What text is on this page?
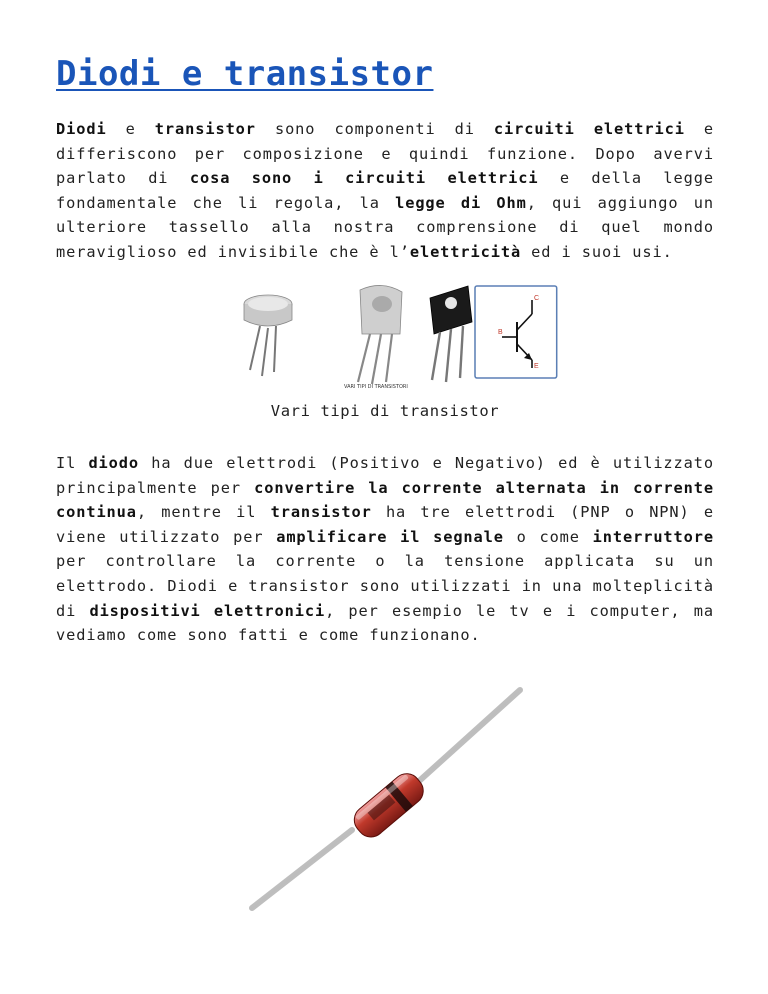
Diodi e transistor

Diodi e transistor sono componenti di circuiti elettrici e differiscono per composizione e quindi funzione. Dopo avervi parlato di cosa sono i circuiti elettrici e della legge fondamentale che li regola, la legge di Ohm, qui aggiungo un ulteriore tassello alla nostra comprensione di quel mondo meraviglioso ed invisibile che è l’elettricità ed i suoi usi.

VARI TIPI DI TRANSISTORI
C
B
E
Vari tipi di transistor

Il diodo ha due elettrodi (Positivo e Negativo) ed è utilizzato principalmente per convertire la corrente alternata in corrente continua, mentre il transistor ha tre elettrodi (PNP o NPN) e viene utilizzato per amplificare il segnale o come interruttore per controllare la corrente o la tensione applicata su un elettrodo. Diodi e transistor sono utilizzati in una molteplicità di dispositivi elettronici, per esempio le tv e i computer, ma vediamo come sono fatti e come funzionano.
